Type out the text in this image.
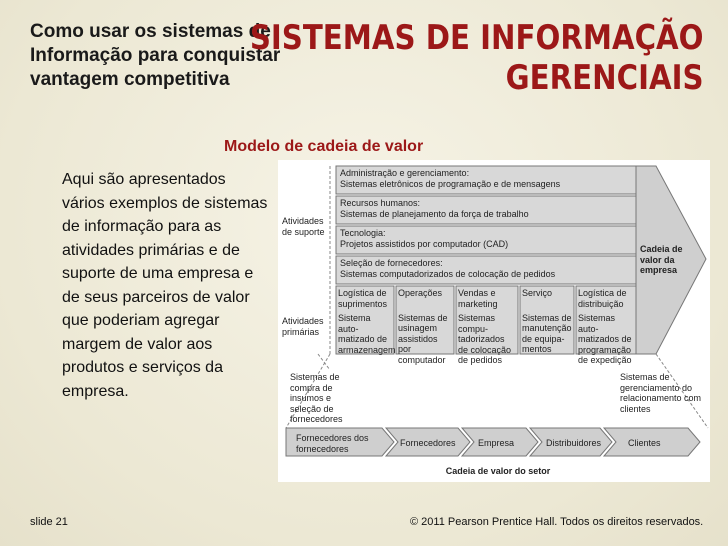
Como usar os sistemas de Informação para conquistar vantagem competitiva
SISTEMAS DE INFORMAÇÃO
GERENCIAIS
Modelo de cadeia de valor
Aqui são apresentados vários exemplos de sistemas de informação para as atividades primárias e de suporte de uma empresa e de seus parceiros de valor que poderiam agregar margem de valor aos produtos e serviços da empresa.
Atividades de suporte
Atividades primárias
Administração e gerenciamento:
Sistemas eletrônicos de programação e de mensagens
Recursos humanos:
Sistemas de planejamento da força de trabalho
Tecnologia:
Projetos assistidos por computador (CAD)
Seleção de fornecedores:
Sistemas computadorizados de colocação de pedidos
Cadeia de valor da empresa
Logística de suprimentos
Sistema auto-matizado de armazenagem
Operações
Sistemas de usinagem assistidos por computador
Vendas e marketing
Sistemas compu-tadorizados de colocação de pedidos
Serviço
Sistemas de manutenção de equipa-mentos
Logística de distribuição
Sistemas auto-matizados de programação de expedição
Sistemas de compra de insumos e seleção de fornecedores
Sistemas de gerenciamento do relacionamento com clientes
Fornecedores dos fornecedores
Fornecedores	Empresa	Distribuidores	Clientes
Cadeia de valor do setor
slide 21	© 2011 Pearson Prentice Hall. Todos os direitos reservados.
